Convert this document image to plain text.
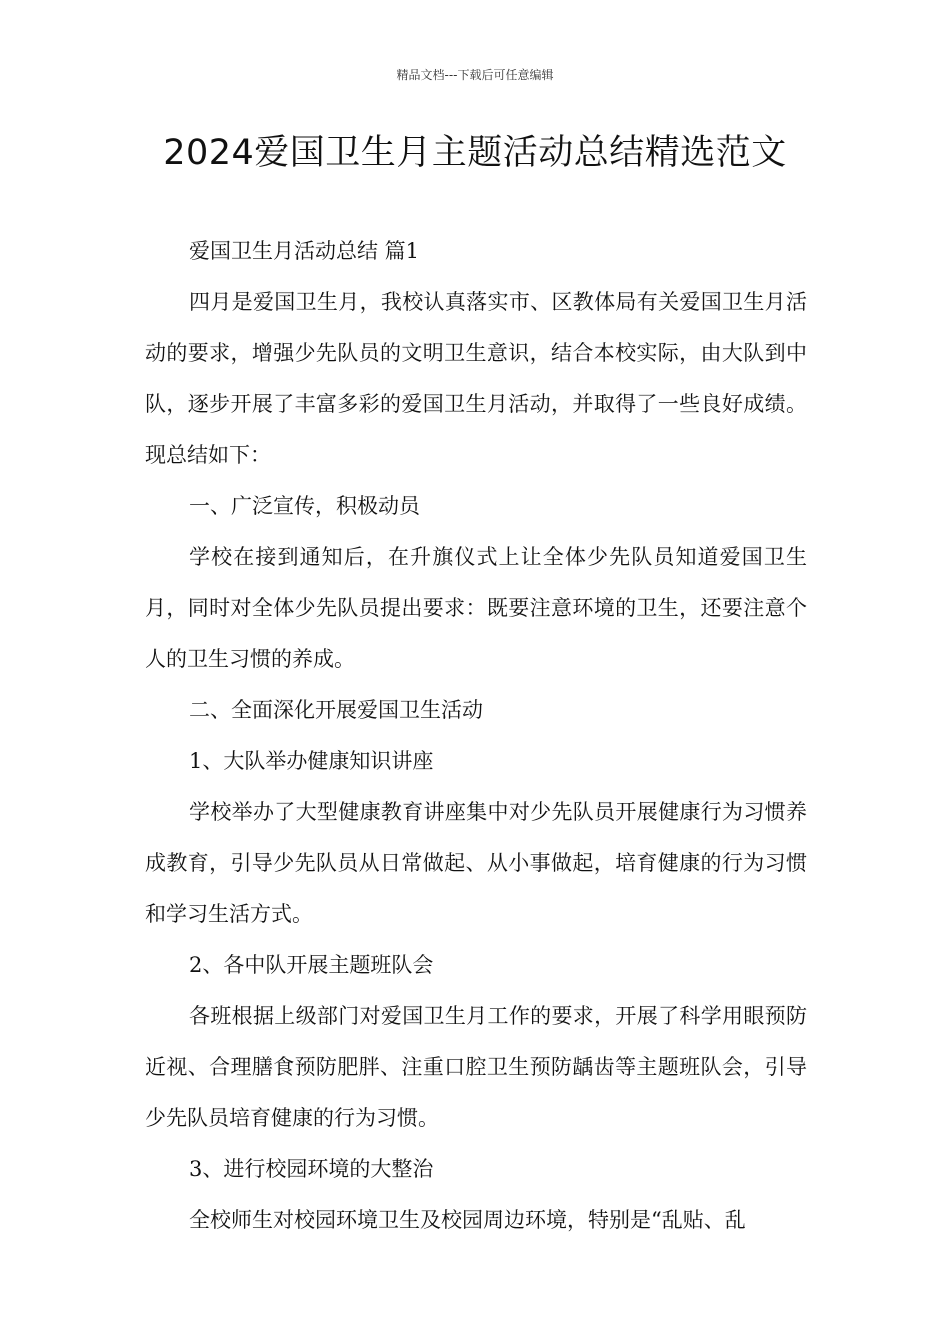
精品文档---下载后可任意编辑
2024爱国卫生月主题活动总结精选范文

爱国卫生月活动总结 篇1

四月是爱国卫生月，我校认真落实市、区教体局有关爱国卫生月活动的要求，增强少先队员的文明卫生意识，结合本校实际，由大队到中队，逐步开展了丰富多彩的爱国卫生月活动，并取得了一些良好成绩。现总结如下：

一、广泛宣传，积极动员

学校在接到通知后，在升旗仪式上让全体少先队员知道爱国卫生月，同时对全体少先队员提出要求：既要注意环境的卫生，还要注意个人的卫生习惯的养成。

二、全面深化开展爱国卫生活动

1、大队举办健康知识讲座

学校举办了大型健康教育讲座集中对少先队员开展健康行为习惯养成教育，引导少先队员从日常做起、从小事做起，培育健康的行为习惯和学习生活方式。

2、各中队开展主题班队会

各班根据上级部门对爱国卫生月工作的要求，开展了科学用眼预防近视、合理膳食预防肥胖、注重口腔卫生预防龋齿等主题班队会，引导少先队员培育健康的行为习惯。

3、进行校园环境的大整治

全校师生对校园环境卫生及校园周边环境，特别是“乱贴、乱
